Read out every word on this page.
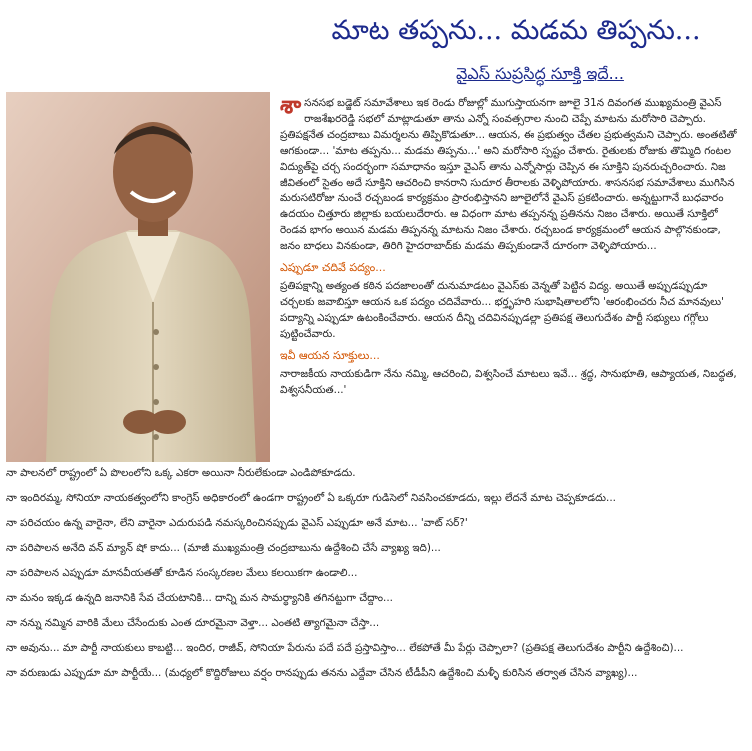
మాట తప్పను... మడమ తిప్పను...
వైఎస్ సుప్రసిద్ధ సూక్తి ఇదే...

శాసనసభ బడ్జెట్ సమావేశాలు ఇక రెండు రోజుల్లో ముగుస్తాయనగా జూలై 31న దివంగత ముఖ్యమంత్రి వైఎస్ రాజశేఖరరెడ్డి సభలో మాట్లాడుతూ తాను ఎన్నో సంవత్సరాల నుంచి చెప్పే మాటను మరోసారి చెప్పారు. ప్రతిపక్షనేత చంద్రబాబు విమర్శలను తిప్పికొడుతూ... ఆయన, ఈ ప్రభుత్వం చేతల ప్రభుత్వమని చెప్పారు. అంతటితో ఆగకుండా... 'మాట తప్పను... మడమ తిప్పను...' అని మరోసారి స్పష్టం చేశారు. రైతులకు రోజుకు తొమ్మిది గంటల విద్యుత్‌పై చర్చ సందర్భంగా సమాధానం ఇస్తూ వైఎస్ తాను ఎన్నోసార్లు చెప్పిన ఈ సూక్తిని పునరుచ్చరించారు. నిజ జీవితంలో సైతం అదే సూక్తిని ఆచరించి కానరాని సుదూర తీరాలకు వెళ్ళిపోయారు. శాసనసభ సమావేశాలు ముగిసిన మరుసటిరోజు నుంచే రచ్చబండ కార్యక్రమం ప్రారంభిస్తానని జూలైలోనే వైఎస్ ప్రకటించారు. అన్నట్టుగానే బుధవారం ఉదయం చిత్తూరు జిల్లాకు బయలుదేరారు. ఆ విధంగా మాట తప్పనన్న ప్రతినను నిజం చేశారు. అయితే సూక్తిలో రెండవ భాగం అయిన మడమ తిప్పనన్న మాటను నిజం చేశారు. రచ్చబండ కార్యక్రమంలో ఆయన పాల్గొనకుండా, జనం బాధలు వినకుండా, తిరిగి హైదరాబాద్‌కు మడమ తిప్పకుండానే దూరంగా వెళ్ళిపోయారు...

ఎప్పుడూ చదివే పద్యం...

ప్రతిపక్షాన్ని అత్యంత కఠిన పదజాలంతో దునుమాడటం వైఎస్‌కు వెన్నతో పెట్టిన విద్య. అయితే అప్పుడప్పుడూ చర్చలకు జవాబిస్తూ ఆయన ఒక పద్యం చదివేవారు... భర్తృహరి సుభాషితాలలోని 'ఆరంభించరు నీచ మానవులు' పద్యాన్ని ఎప్పుడూ ఉటంకించేవారు. ఆయన దీన్ని చదివినప్పుడల్లా ప్రతిపక్ష తెలుగుదేశం పార్టీ సభ్యులు గగ్గోలు పుట్టించేవారు.

ఇవీ ఆయన సూక్తులు...

నారాజకీయ నాయకుడిగా నేను నమ్మి, ఆచరించి, విశ్వసించే మాటలు ఇవే... శ్రద్ధ, సానుభూతి, ఆప్యాయత, నిబద్ధత, విశ్వసనీయత...'

నా పాలనలో రాష్ట్రంలో ఏ పొలంలోని ఒక్క ఎకరా అయినా నీరులేకుండా ఎండిపోకూడదు.

నా ఇందిరమ్మ, సోనియా నాయకత్వంలోని కాంగ్రెస్ అధికారంలో ఉండగా రాష్ట్రంలో ఏ ఒక్కరూ గుడిసెలో నివసించకూడదు, ఇల్లు లేదనే మాట చెప్పకూడదు...

నా పరిచయం ఉన్న వారైనా, లేని వారైనా ఎదురుపడి నమస్కరించినప్పుడు వైఎస్ ఎప్పుడూ అనే మాట... 'వాట్ సర్?'

నా పరిపాలన అనేది వన్ మ్యాన్ షో కాదు... (మాజీ ముఖ్యమంత్రి చంద్రబాబును ఉద్దేశించి చేసే వ్యాఖ్య ఇది)...

నా పరిపాలన ఎప్పుడూ మానవీయతతో కూడిన సంస్కరణల మేలు కలయికగా ఉండాలి...

నా మనం ఇక్కడ ఉన్నది జనానికి సేవ చేయటానికి... దాన్ని మన సామర్థ్యానికి తగినట్టుగా చేద్దాం...

నా నన్ను నమ్మిన వారికి మేలు చేసేందుకు ఎంత దూరమైనా వెళ్తా... ఎంతటి త్యాగమైనా చేస్తా...

నా అవును... మా పార్టీ నాయకులు కాబట్టి... ఇందిర, రాజీవ్, సోనియా పేరును పదే పదే ప్రస్తావిస్తాం... లేకపోతే మీ పేర్లు చెప్పాలా? (ప్రతిపక్ష తెలుగుదేశం పార్టీని ఉద్దేశించి)...

నా వరుణుడు ఎప్పుడూ మా పార్టీయే... (మధ్యలో కొద్దిరోజులు వర్షం రానప్పుడు తనను ఎద్దేవా చేసిన టీడీపీని ఉద్దేశించి మళ్ళీ కురిసిన తర్వాత చేసిన వ్యాఖ్య)...
